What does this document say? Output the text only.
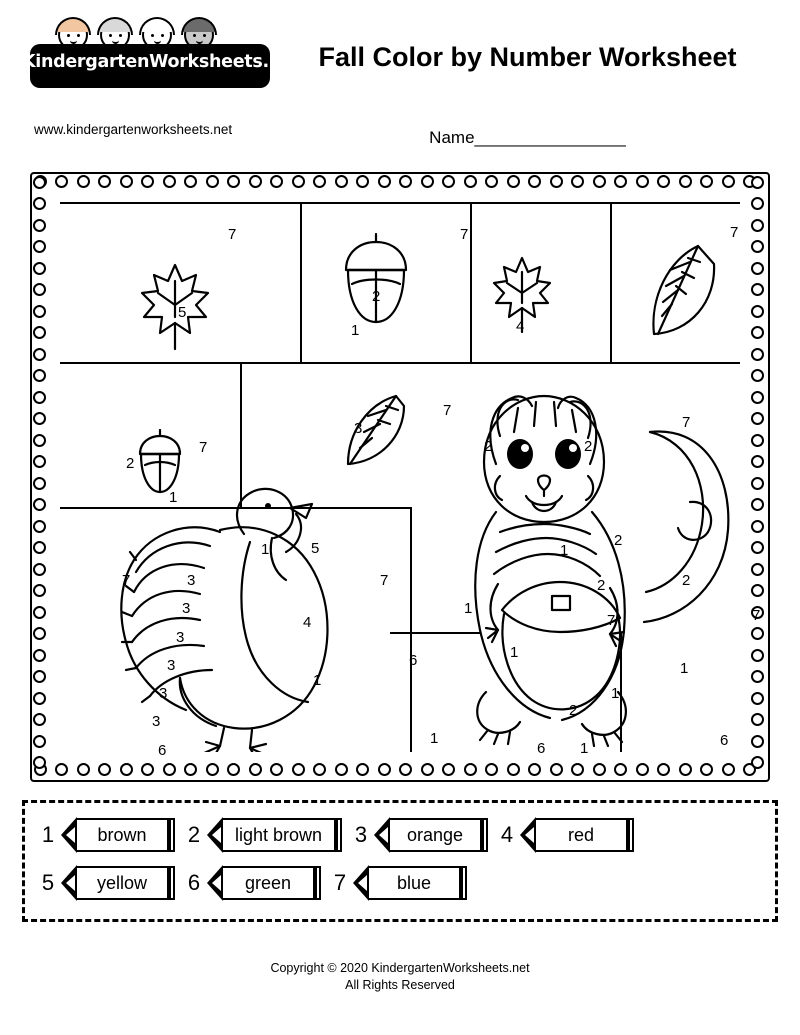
KindergartenWorksheets.net
www.kindergartenworksheets.net
Fall Color by Number Worksheet
Name________________
7
5
2
1
7
4
7
3
7
2	2
7
2
7
1
1	5	1
2
7	3	2
3
4
7	2
1
7
3
1
3	6
7
1
3
1
3
2
1
6
1
6 1	6
1	brown	2	light brown	3	orange	4	red
5	yellow	6	green	7	blue
Copyright © 2020 KindergartenWorksheets.net
All Rights Reserved
